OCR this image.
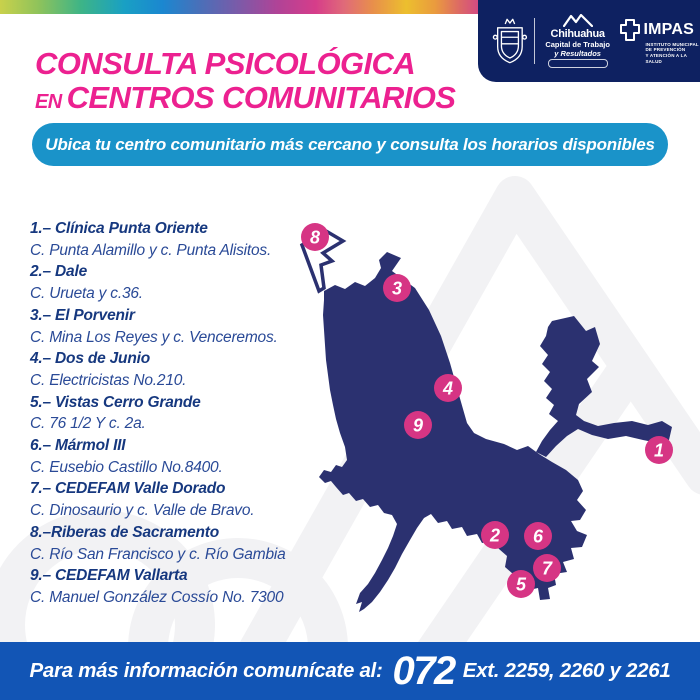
Chihuahua
Capital de Trabajo
y Resultados
IMPAS
INSTITUTO MUNICIPAL
DE PREVENCIÓN
Y ATENCIÓN A LA SALUD
CONSULTA PSICOLÓGICA
EN CENTROS COMUNITARIOS
Ubica tu centro comunitario más cercano y consulta los horarios disponibles
1.– Clínica Punta Oriente
C. Punta Alamillo y c. Punta Alisitos.
2.– Dale
C. Urueta y c.36.
3.– El Porvenir
C. Mina Los Reyes y c. Venceremos.
4.– Dos de Junio
C. Electricistas No.210.
5.– Vistas Cerro Grande
C. 76 1/2 Y c. 2a.
6.– Mármol III
C. Eusebio Castillo No.8400.
7.– CEDEFAM Valle Dorado
C. Dinosaurio y c. Valle de Bravo.
8.–Riberas de Sacramento
C. Río San Francisco y c. Río Gambia
9.– CEDEFAM Vallarta
C. Manuel González Cossío No. 7300
1
2
3
4
5
6
7
8
9
Para más información comunícate al: 072 Ext. 2259, 2260 y 2261
